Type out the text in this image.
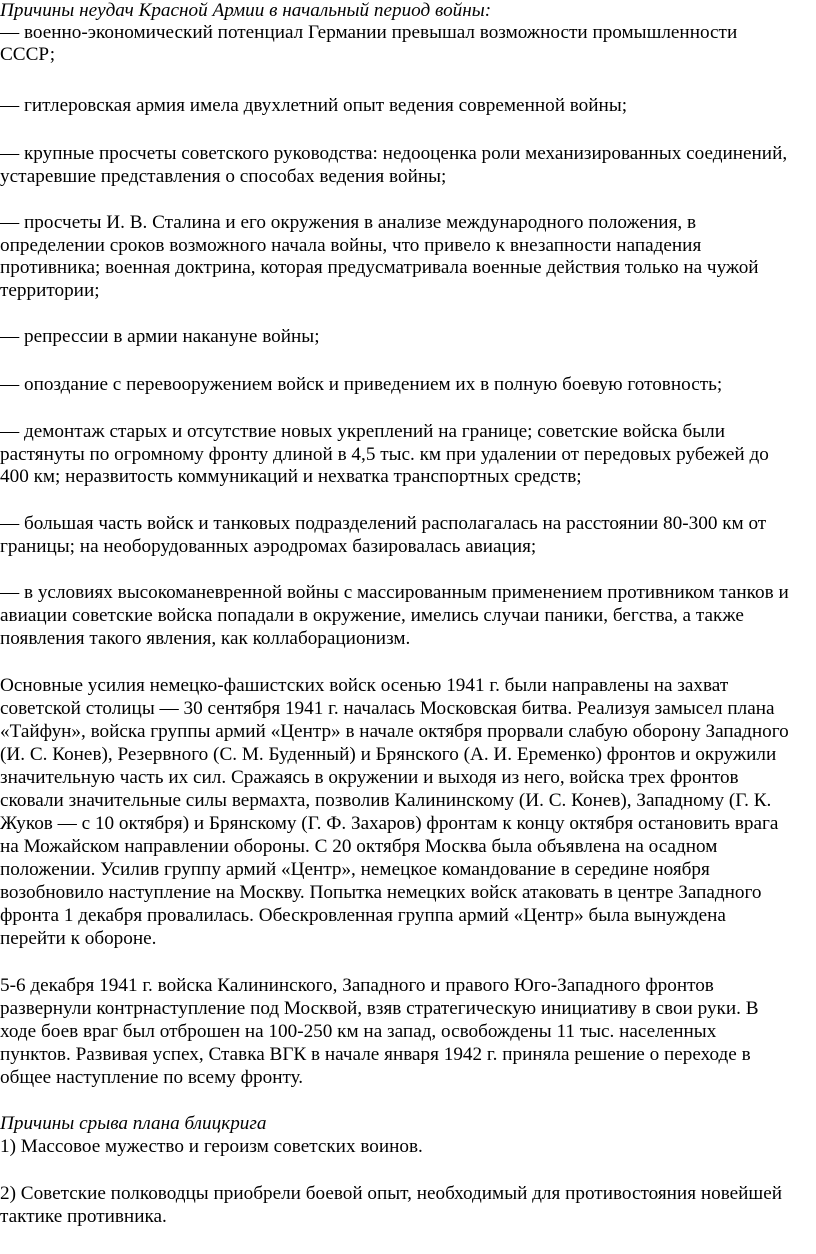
Причины неудач Красной Армии в начальный период войны:
— военно-экономический потенциал Германии превышал возможности промышленности
СССР;
— гитлеровская армия имела двухлетний опыт ведения современной войны;
— крупные просчеты советского руководства: недооценка роли механизированных соединений,
устаревшие представления о способах ведения войны;
— просчеты И. В. Сталина и его окружения в анализе международного положения, в
определении сроков возможного начала войны, что привело к внезапности нападения
противника; военная доктрина, которая предусматривала военные действия только на чужой
территории;
— репрессии в армии накануне войны;
— опоздание с перевооружением войск и приведением их в полную боевую готовность;
— демонтаж старых и отсутствие новых укреплений на границе; советские войска были
растянуты по огромному фронту длиной в 4,5 тыс. км при удалении от передовых рубежей до
400 км; неразвитость коммуникаций и нехватка транспортных средств;
— большая часть войск и танковых подразделений располагалась на расстоянии 80-300 км от
границы; на необорудованных аэродромах базировалась авиация;
— в условиях высокоманевренной войны с массированным применением противником танков и
авиации советские войска попадали в окружение, имелись случаи паники, бегства, а также
появления такого явления, как коллаборационизм.
Основные усилия немецко-фашистских войск осенью 1941 г. были направлены на захват
советской столицы — 30 сентября 1941 г. началась Московская битва. Реализуя замысел плана
«Тайфун», войска группы армий «Центр» в начале октября прорвали слабую оборону Западного
(И. С. Конев), Резервного (С. М. Буденный) и Брянского (А. И. Еременко) фронтов и окружили
значительную часть их сил. Сражаясь в окружении и выходя из него, войска трех фронтов
сковали значительные силы вермахта, позволив Калининскому (И. С. Конев), Западному (Г. К.
Жуков — с 10 октября) и Брянскому (Г. Ф. Захаров) фронтам к концу октября остановить врага
на Можайском направлении обороны. С 20 октября Москва была объявлена на осадном
положении. Усилив группу армий «Центр», немецкое командование в середине ноября
возобновило наступление на Москву. Попытка немецких войск атаковать в центре Западного
фронта 1 декабря провалилась. Обескровленная группа армий «Центр» была вынуждена
перейти к обороне.
5-6 декабря 1941 г. войска Калининского, Западного и правого Юго-Западного фронтов
развернули контрнаступление под Москвой, взяв стратегическую инициативу в свои руки. В
ходе боев враг был отброшен на 100-250 км на запад, освобождены 11 тыс. населенных
пунктов. Развивая успех, Ставка ВГК в начале января 1942 г. приняла решение о переходе в
общее наступление по всему фронту.
Причины срыва плана блицкрига
1) Массовое мужество и героизм советских воинов.
2) Советские полководцы приобрели боевой опыт, необходимый для противостояния новейшей
тактике противника.
